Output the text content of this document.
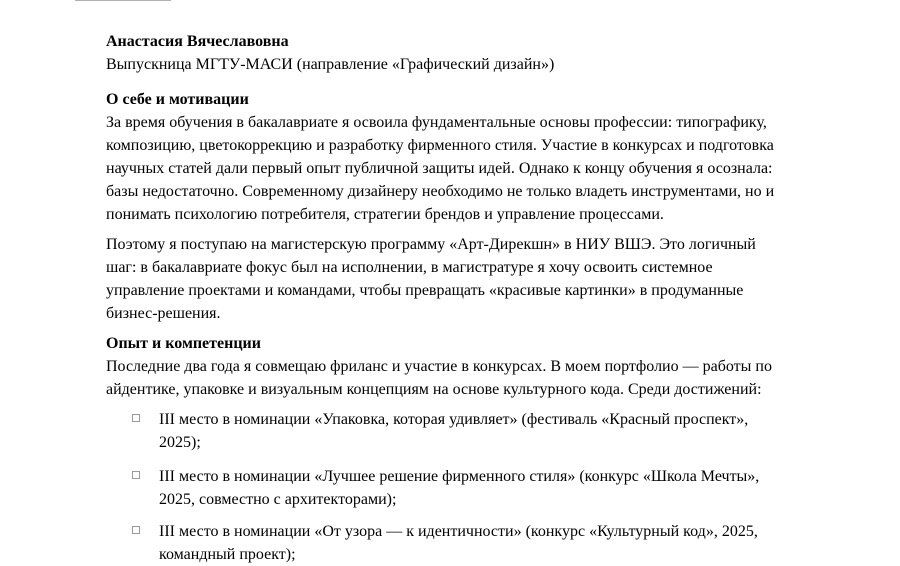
Анастасия Вячеславовна
Выпускница МГТУ-МАСИ (направление «Графический дизайн»)
О себе и мотивации

За время обучения в бакалавриате я освоила фундаментальные основы профессии: типографику,
композицию, цветокоррекцию и разработку фирменного стиля. Участие в конкурсах и подготовка
научных статей дали первый опыт публичной защиты идей. Однако к концу обучения я осознала:
базы недостаточно. Современному дизайнеру необходимо не только владеть инструментами, но и
понимать психологию потребителя, стратегии брендов и управление процессами.

Поэтому я поступаю на магистерскую программу «Арт-Дирекшн» в НИУ ВШЭ. Это логичный
шаг: в бакалавриате фокус был на исполнении, в магистратуре я хочу освоить системное
управление проектами и командами, чтобы превращать «красивые картинки» в продуманные
бизнес-решения.

Опыт и компетенции

Последние два года я совмещаю фриланс и участие в конкурсах. В моем портфолио — работы по
айдентике, упаковке и визуальным концепциям на основе культурного кода. Среди достижений:

III место в номинации «Упаковка, которая удивляет» (фестиваль «Красный проспект»,
2025);
III место в номинации «Лучшее решение фирменного стиля» (конкурс «Школа Мечты»,
2025, совместно с архитекторами);
III место в номинации «От узора — к идентичности» (конкурс «Культурный код», 2025,
командный проект);
